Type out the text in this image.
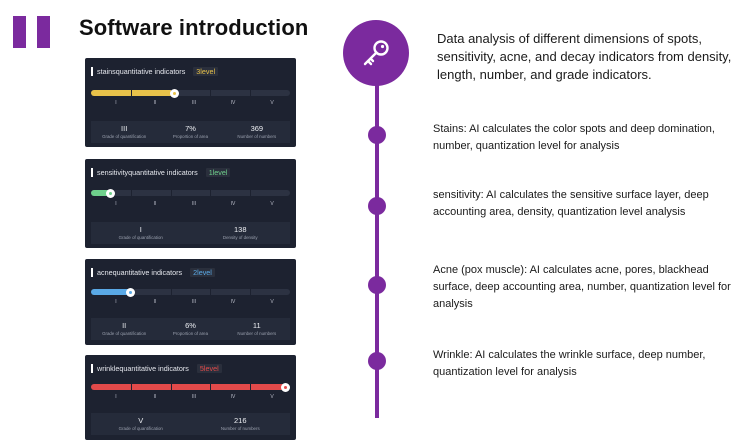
Software introduction
stainsquantitative indicators	3level
I	II	III	IV	V
III
Grade of quantification
7%
Proportion of area
369
Number of numbers
sensitivityquantitative indicators	1level
I	II	III	IV	V
I
Grade of quantification
138
Density of density
acnequantitative indicators	2level
I	II	III	IV	V
II
Grade of quantification
6%
Proportion of area
11
Number of numbers
wrinklequantitative indicators	5level
I	II	III	IV	V
V
Grade of quantification
216
Number of numbers
Data analysis of different dimensions of spots, sensitivity, acne, and decay indicators from density, length, number, and grade indicators.
Stains: AI calculates the color spots and deep domination, number, quantization level for analysis
sensitivity: AI calculates the sensitive surface layer, deep accounting area, density, quantization level analysis
Acne (pox muscle): AI calculates acne, pores, blackhead surface, deep accounting area, number, quantization level for analysis
Wrinkle: AI calculates the wrinkle surface, deep number, quantization level for analysis
